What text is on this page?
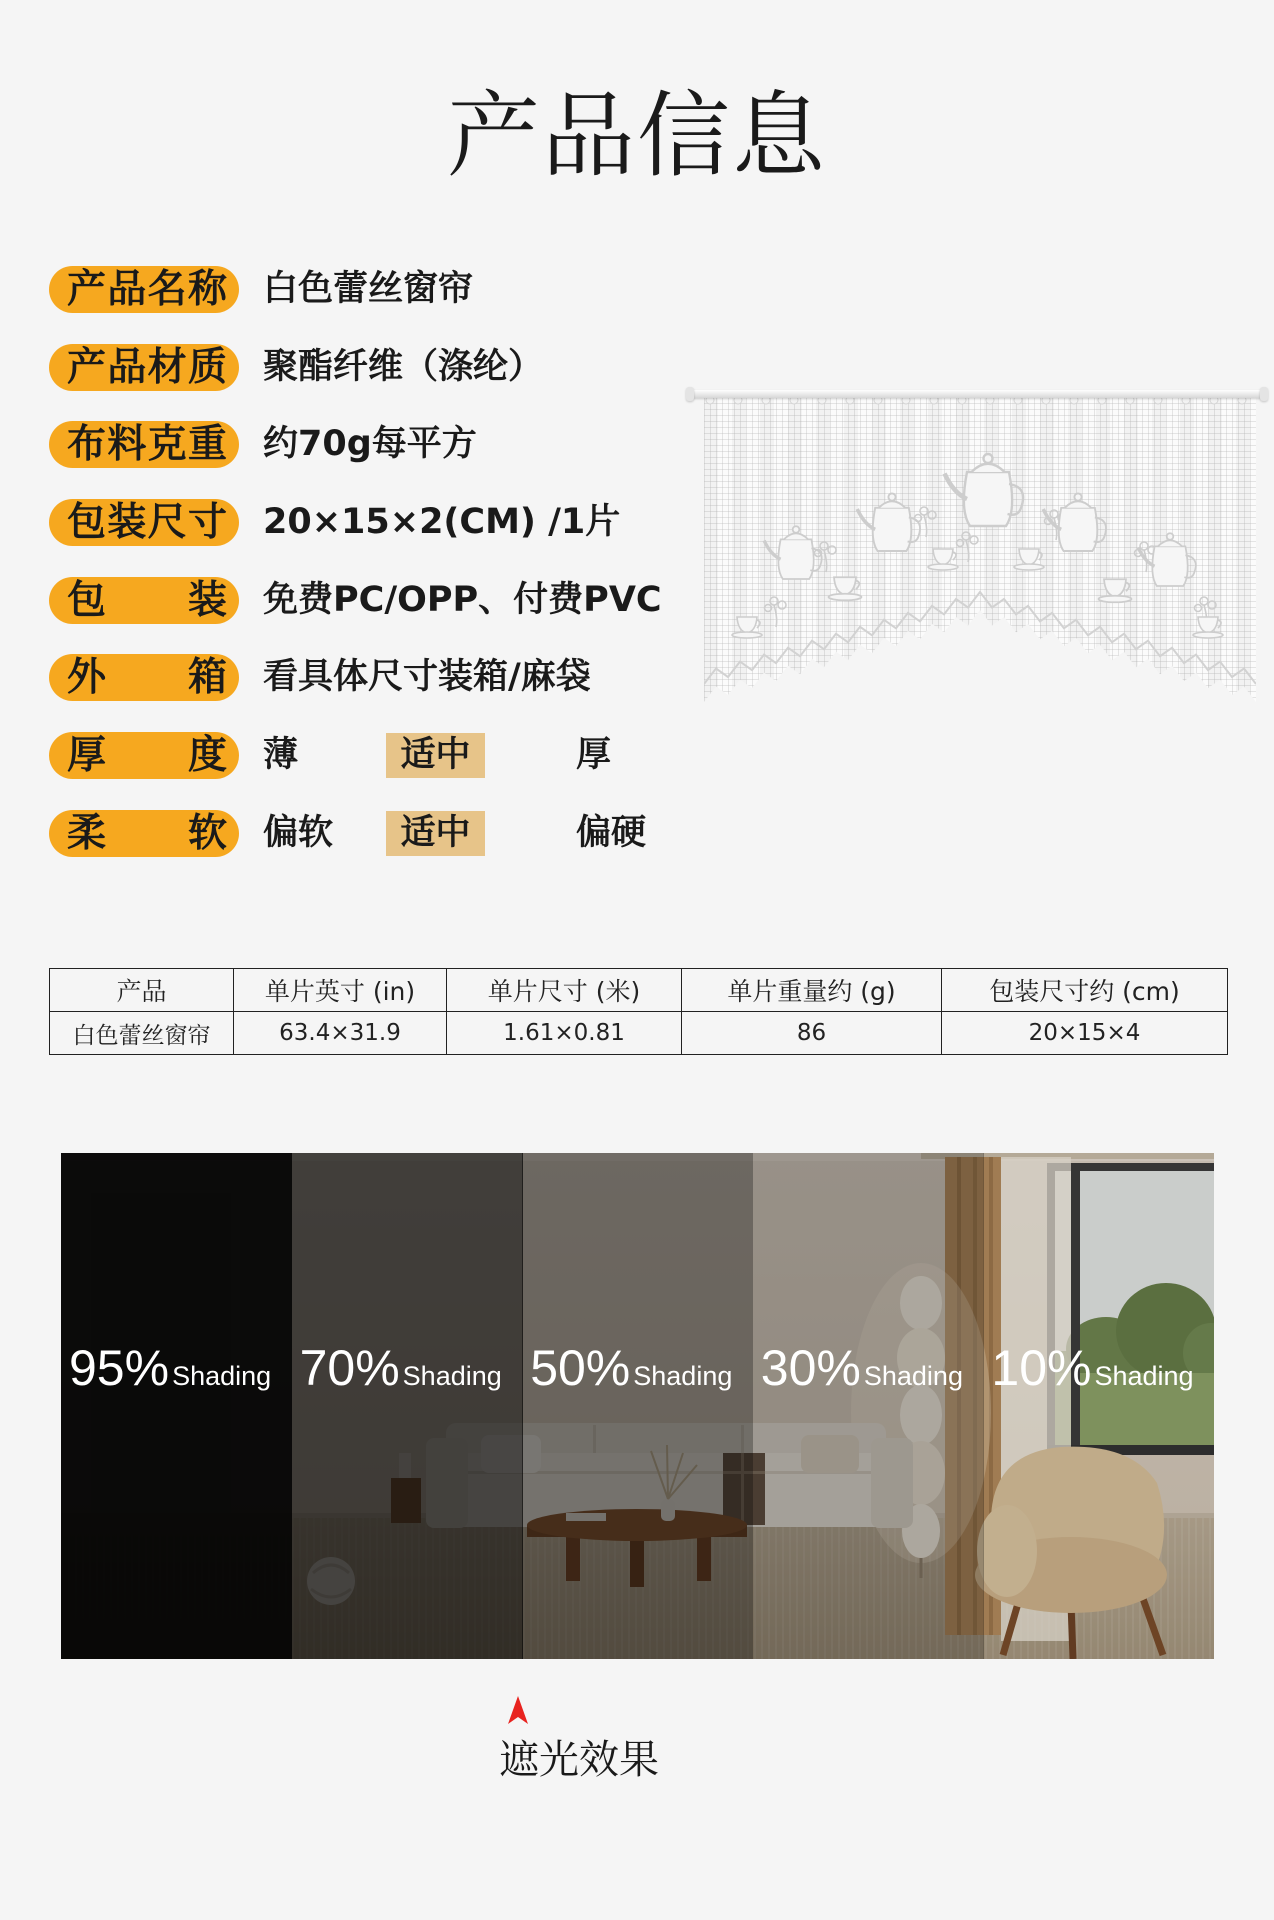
产品信息
产 品 名 称 白色蕾丝窗帘
产 品 材 质 聚酯纤维（涤纶）
布 料 克 重 约70g每平方
包 装 尺 寸 20×15×2(CM) /1片
包 装 免费PC/OPP、付费PVC
外 箱 看具体尺寸装箱/麻袋
厚 度 薄	适中	厚
柔 软 偏软	适中	偏硬
产品	单片英寸 (in)	单片尺寸 (米)	单片重量约 (g)	包装尺寸约 (cm)
白色蕾丝窗帘	63.4×31.9	1.61×0.81	86	20×15×4
95% Shading 70% Shading 50% Shading 30% Shading 10% Shading
遮光效果
